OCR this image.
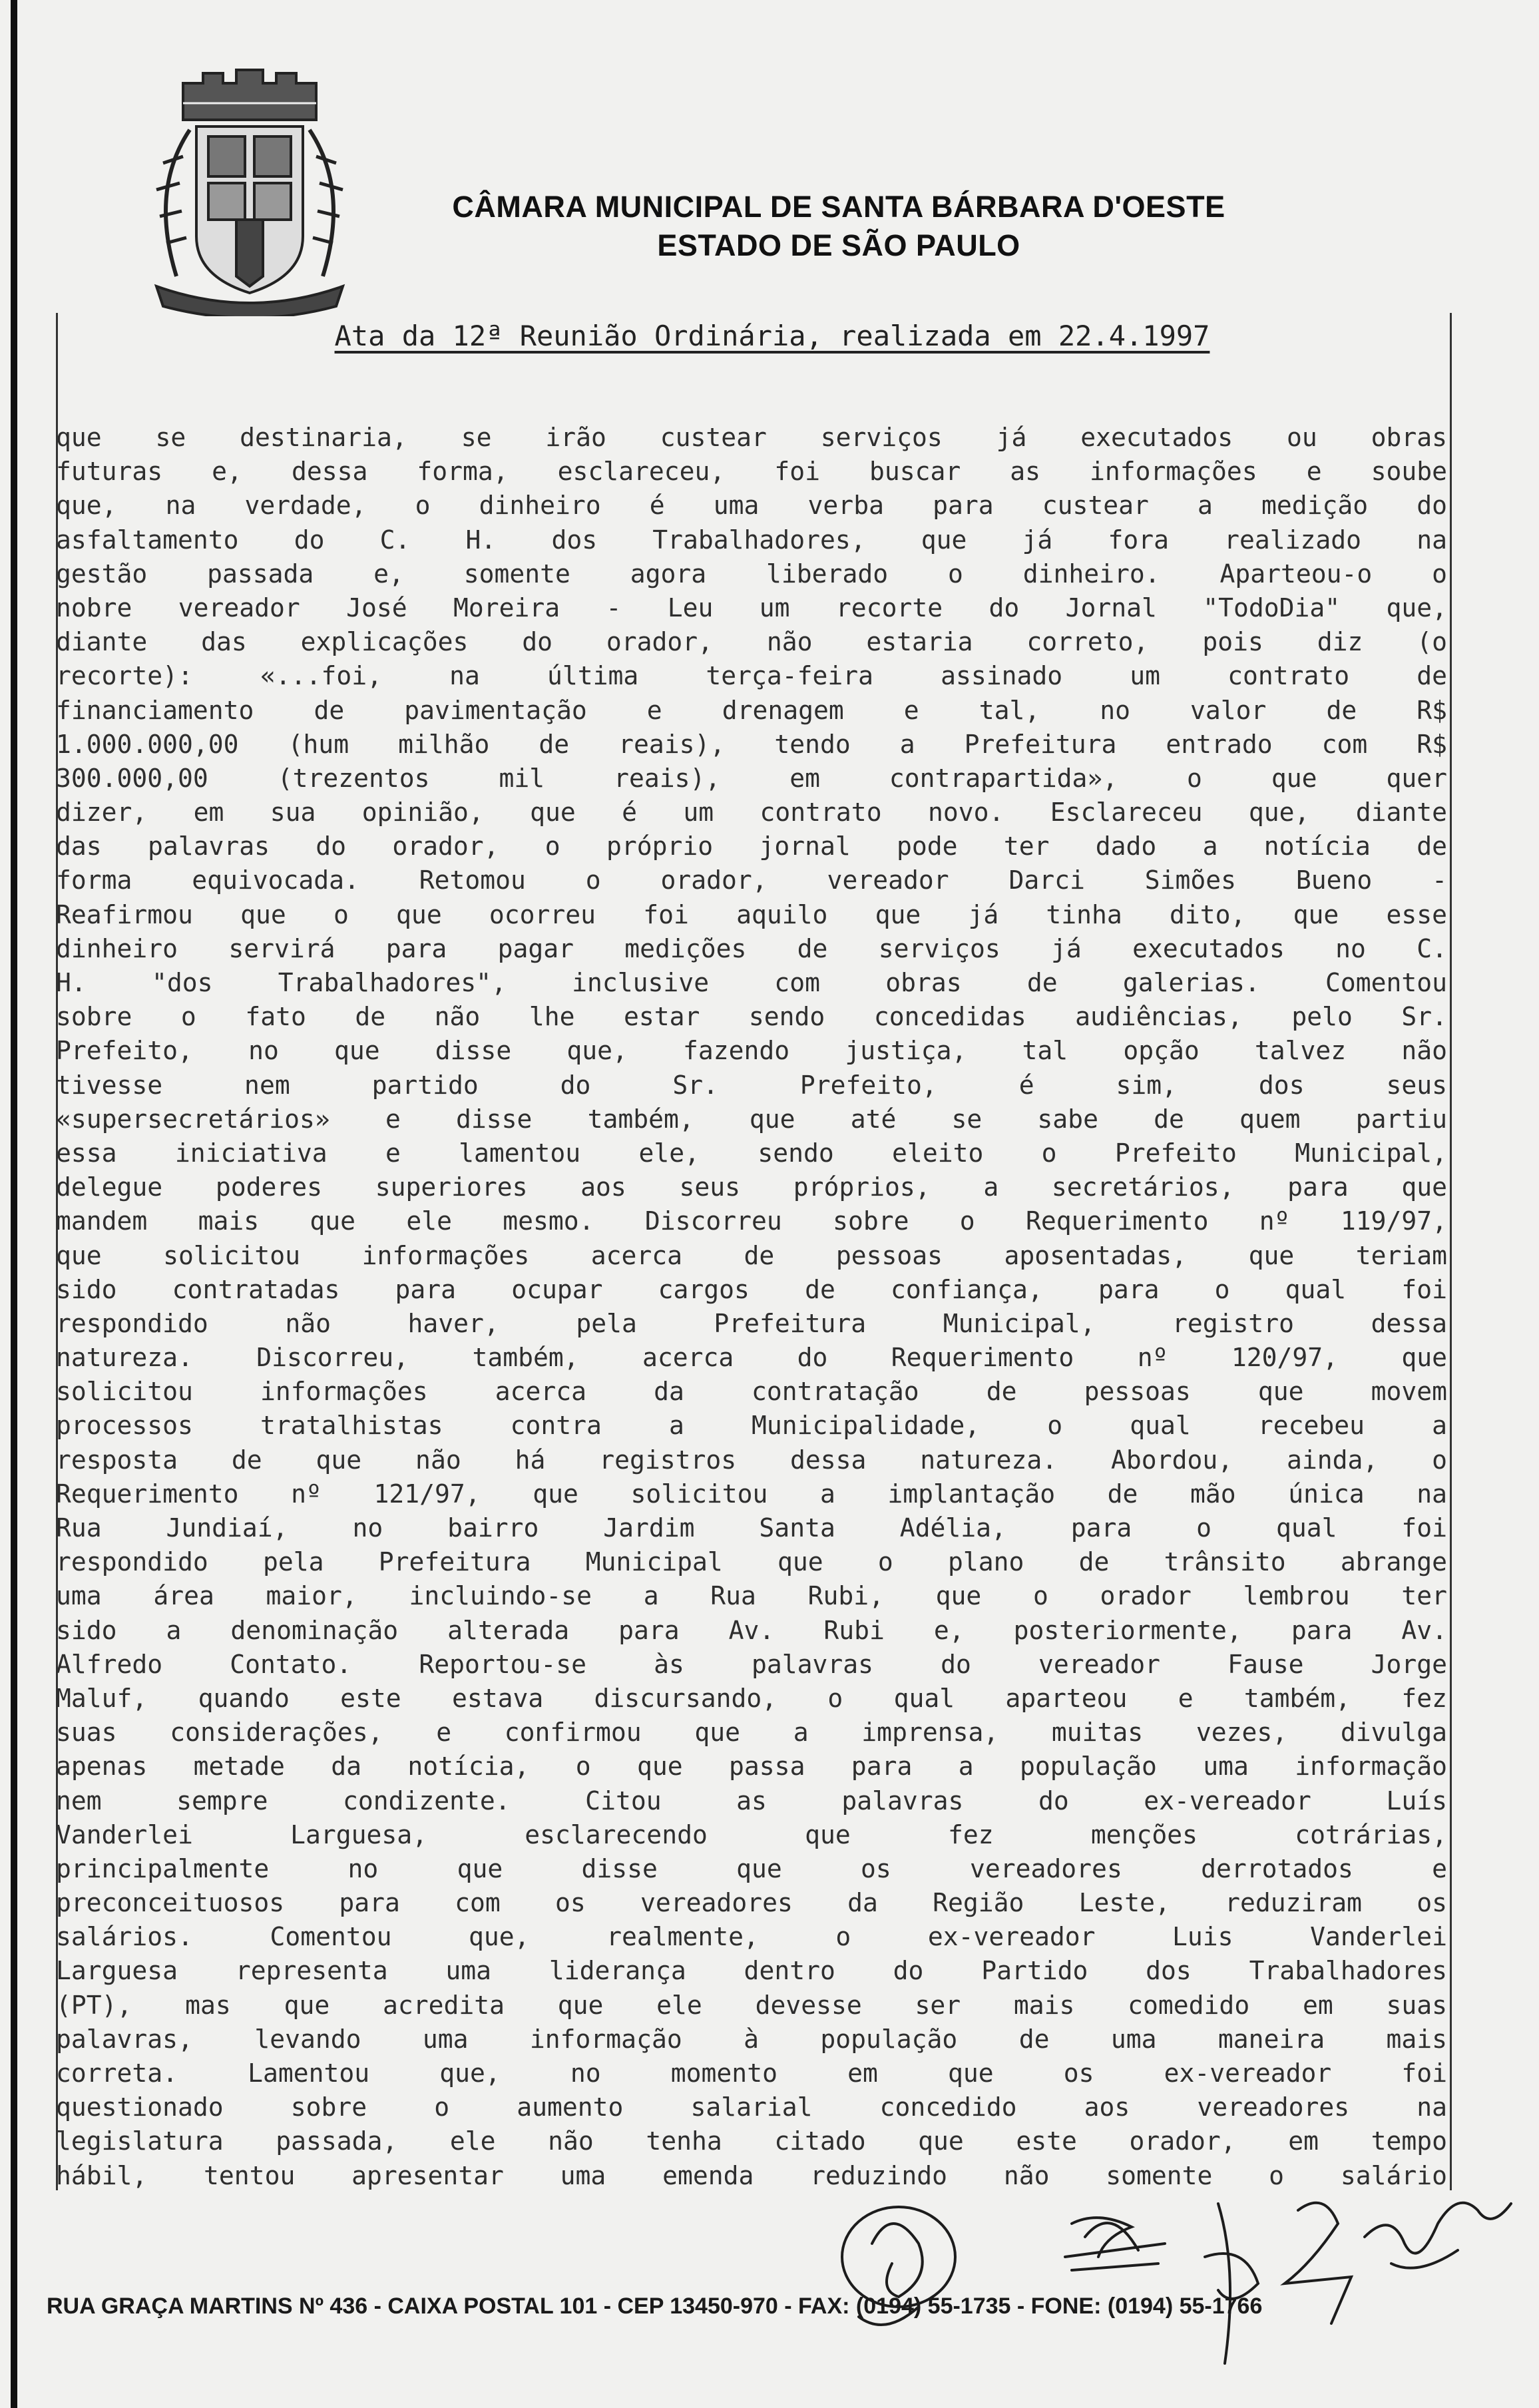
CÂMARA MUNICIPAL DE SANTA BÁRBARA D'OESTE
ESTADO DE SÃO PAULO
Ata da 12ª Reunião Ordinária, realizada em 22.4.1997
que se destinaria, se irão custear serviços já executados ou obras
futuras e, dessa forma, esclareceu, foi buscar as informações e soube
que, na verdade, o dinheiro é uma verba para custear a medição do
asfaltamento do C. H. dos Trabalhadores, que já fora realizado na
gestão passada e, somente agora liberado o dinheiro. Aparteou-o o
nobre vereador José Moreira - Leu um recorte do Jornal "TodoDia" que,
diante das explicações do orador, não estaria correto, pois diz (o
recorte): «...foi, na última terça-feira assinado um contrato de
financiamento de pavimentação e drenagem e tal, no valor de R$
1.000.000,00 (hum milhão de reais), tendo a Prefeitura entrado com R$
300.000,00 (trezentos mil reais), em contrapartida», o que quer
dizer, em sua opinião, que é um contrato novo. Esclareceu que, diante
das palavras do orador, o próprio jornal pode ter dado a notícia de
forma equivocada. Retomou o orador, vereador Darci Simões Bueno -
Reafirmou que o que ocorreu foi aquilo que já tinha dito, que esse
dinheiro servirá para pagar medições de serviços já executados no C.
H. "dos Trabalhadores", inclusive com obras de galerias. Comentou
sobre o fato de não lhe estar sendo concedidas audiências, pelo Sr.
Prefeito, no que disse que, fazendo justiça, tal opção talvez não
tivesse nem partido do Sr. Prefeito, é sim, dos seus
«supersecretários» e disse também, que até se sabe de quem partiu
essa iniciativa e lamentou ele, sendo eleito o Prefeito Municipal,
delegue poderes superiores aos seus próprios, a secretários, para que
mandem mais que ele mesmo. Discorreu sobre o Requerimento nº 119/97,
que solicitou informações acerca de pessoas aposentadas, que teriam
sido contratadas para ocupar cargos de confiança, para o qual foi
respondido não haver, pela Prefeitura Municipal, registro dessa
natureza. Discorreu, também, acerca do Requerimento nº 120/97, que
solicitou informações acerca da contratação de pessoas que movem
processos tratalhistas contra a Municipalidade, o qual recebeu a
resposta de que não há registros dessa natureza. Abordou, ainda, o
Requerimento nº 121/97, que solicitou a implantação de mão única na
Rua Jundiaí, no bairro Jardim Santa Adélia, para o qual foi
respondido pela Prefeitura Municipal que o plano de trânsito abrange
uma área maior, incluindo-se a Rua Rubi, que o orador lembrou ter
sido a denominação alterada para Av. Rubi e, posteriormente, para Av.
Alfredo Contato. Reportou-se às palavras do vereador Fause Jorge
Maluf, quando este estava discursando, o qual aparteou e também, fez
suas considerações, e confirmou que a imprensa, muitas vezes, divulga
apenas metade da notícia, o que passa para a população uma informação
nem sempre condizente. Citou as palavras do ex-vereador Luís
Vanderlei Larguesa, esclarecendo que fez menções cotrárias,
principalmente no que disse que os vereadores derrotados e
preconceituosos para com os vereadores da Região Leste, reduziram os
salários. Comentou que, realmente, o ex-vereador Luis Vanderlei
Larguesa representa uma liderança dentro do Partido dos Trabalhadores
(PT), mas que acredita que ele devesse ser mais comedido em suas
palavras, levando uma informação à população de uma maneira mais
correta. Lamentou que, no momento em que os ex-vereador foi
questionado sobre o aumento salarial concedido aos vereadores na
legislatura passada, ele não tenha citado que este orador, em tempo
hábil, tentou apresentar uma emenda reduzindo não somente o salário
RUA GRAÇA MARTINS Nº 436 - CAIXA POSTAL 101 - CEP 13450-970 - FAX: (0194) 55-1735 - FONE: (0194) 55-1766
